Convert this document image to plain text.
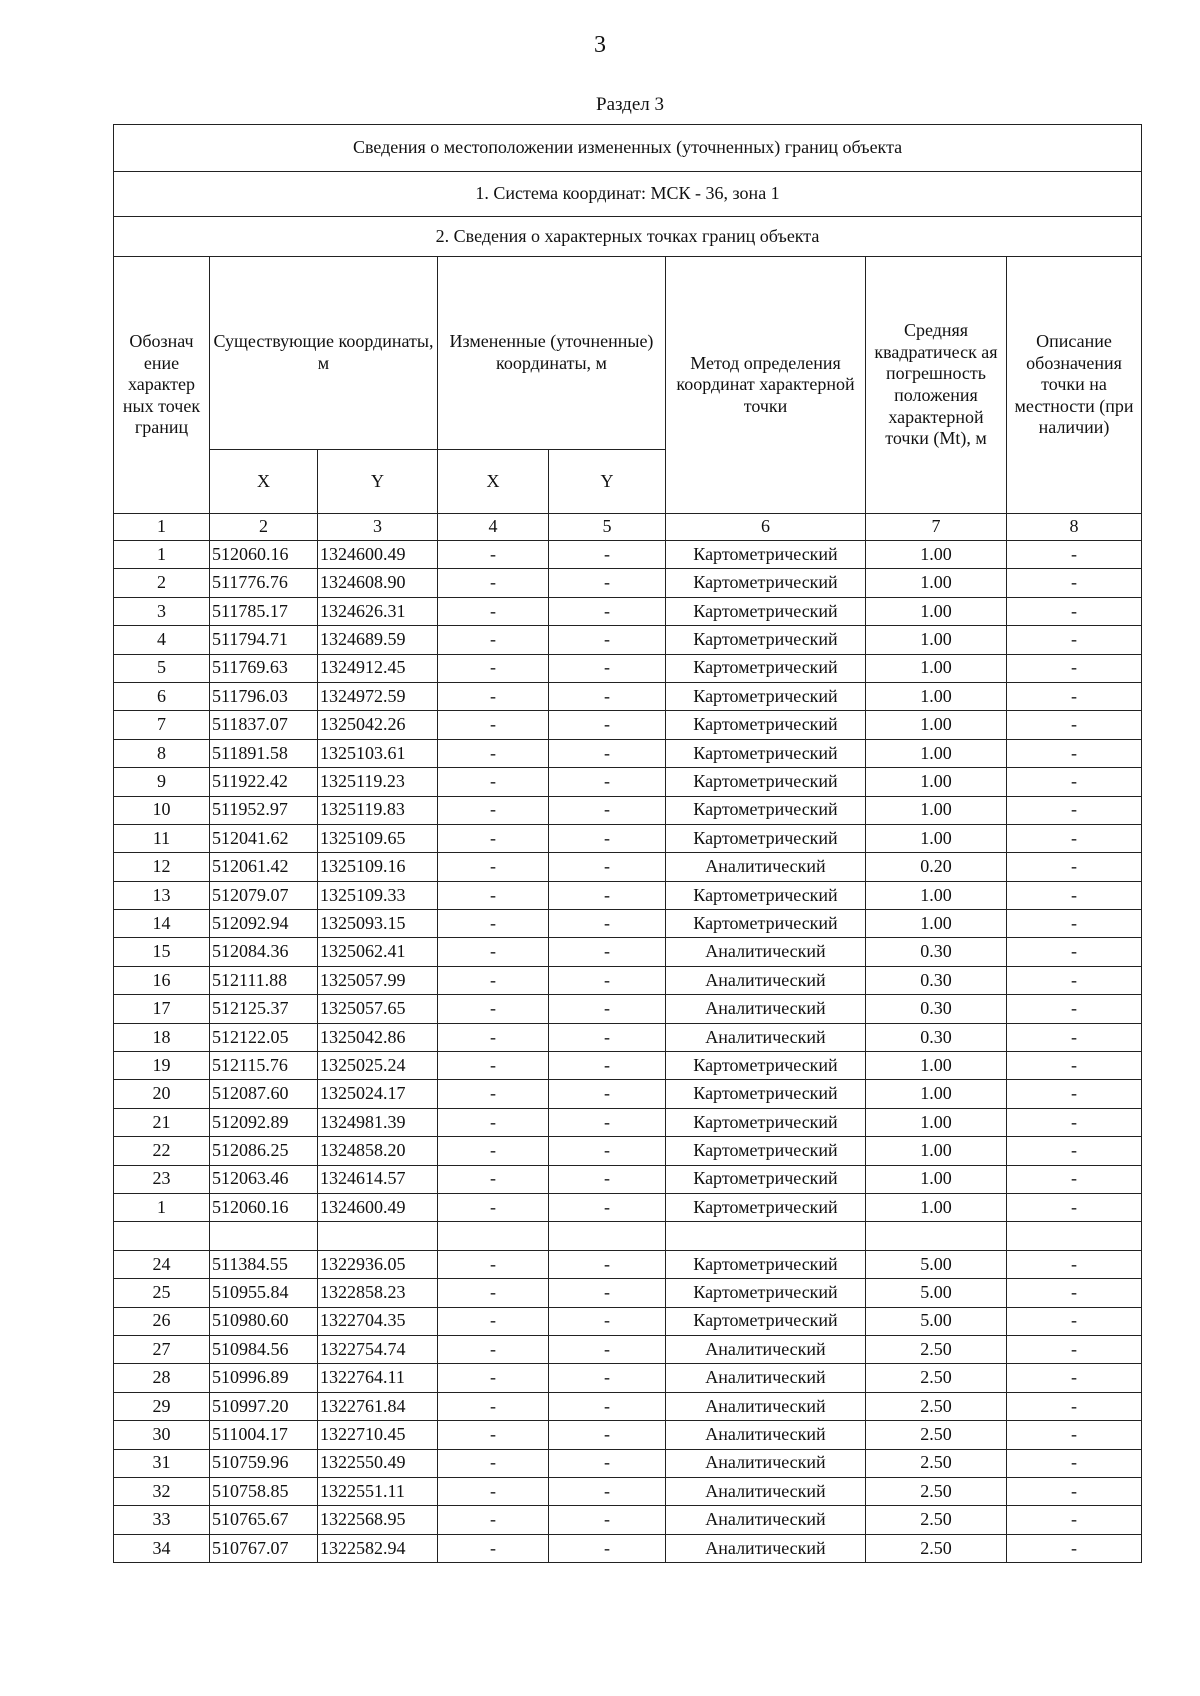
3
Раздел 3
Сведения о местоположении измененных (уточненных) границ объекта							
1. Система координат: МСК - 36, зона 1							
2. Сведения о характерных точках границ объекта							
Обознач ение характер ных точек границ	Существующие координаты, м		Измененные (уточненные) координаты, м		Метод определения координат характерной точки	Средняя квадратическ ая погрешность положения характерной точки (Mt), м	Описание обозначения точки на местности (при наличии)
	X	Y	X	Y			
1	2	3	4	5	6	7	8
1	512060.16	1324600.49	-	-	Картометрический	1.00	-
2	511776.76	1324608.90	-	-	Картометрический	1.00	-
3	511785.17	1324626.31	-	-	Картометрический	1.00	-
4	511794.71	1324689.59	-	-	Картометрический	1.00	-
5	511769.63	1324912.45	-	-	Картометрический	1.00	-
6	511796.03	1324972.59	-	-	Картометрический	1.00	-
7	511837.07	1325042.26	-	-	Картометрический	1.00	-
8	511891.58	1325103.61	-	-	Картометрический	1.00	-
9	511922.42	1325119.23	-	-	Картометрический	1.00	-
10	511952.97	1325119.83	-	-	Картометрический	1.00	-
11	512041.62	1325109.65	-	-	Картометрический	1.00	-
12	512061.42	1325109.16	-	-	Аналитический	0.20	-
13	512079.07	1325109.33	-	-	Картометрический	1.00	-
14	512092.94	1325093.15	-	-	Картометрический	1.00	-
15	512084.36	1325062.41	-	-	Аналитический	0.30	-
16	512111.88	1325057.99	-	-	Аналитический	0.30	-
17	512125.37	1325057.65	-	-	Аналитический	0.30	-
18	512122.05	1325042.86	-	-	Аналитический	0.30	-
19	512115.76	1325025.24	-	-	Картометрический	1.00	-
20	512087.60	1325024.17	-	-	Картометрический	1.00	-
21	512092.89	1324981.39	-	-	Картометрический	1.00	-
22	512086.25	1324858.20	-	-	Картометрический	1.00	-
23	512063.46	1324614.57	-	-	Картометрический	1.00	-
1	512060.16	1324600.49	-	-	Картометрический	1.00	-

24	511384.55	1322936.05	-	-	Картометрический	5.00	-
25	510955.84	1322858.23	-	-	Картометрический	5.00	-
26	510980.60	1322704.35	-	-	Картометрический	5.00	-
27	510984.56	1322754.74	-	-	Аналитический	2.50	-
28	510996.89	1322764.11	-	-	Аналитический	2.50	-
29	510997.20	1322761.84	-	-	Аналитический	2.50	-
30	511004.17	1322710.45	-	-	Аналитический	2.50	-
31	510759.96	1322550.49	-	-	Аналитический	2.50	-
32	510758.85	1322551.11	-	-	Аналитический	2.50	-
33	510765.67	1322568.95	-	-	Аналитический	2.50	-
34	510767.07	1322582.94	-	-	Аналитический	2.50	-
